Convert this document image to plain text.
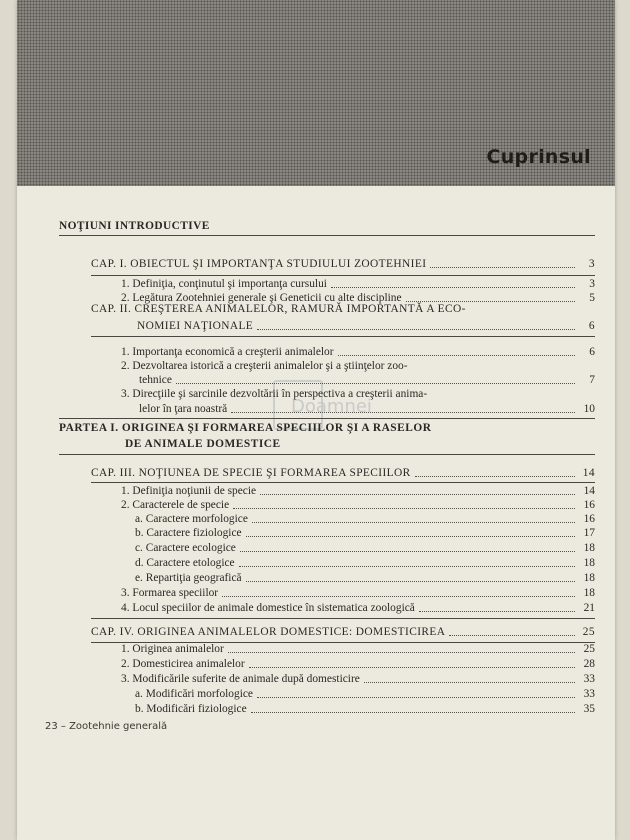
Cuprinsul
Doamnei
NOŢIUNI INTRODUCTIVE
CAP. I. OBIECTUL ŞI IMPORTANŢA STUDIULUI ZOOTEHNIEI	3
1. Definiţia, conţinutul şi importanţa cursului	3
2. Legătura Zootehniei generale şi Geneticii cu alte discipline	5
CAP. II. CREŞTEREA ANIMALELOR, RAMURĂ IMPORTANTĂ A ECO-
NOMIEI NAŢIONALE	6
1. Importanţa economică a creşterii animalelor	6
2. Dezvoltarea istorică a creşterii animalelor şi a ştiinţelor zoo-
tehnice	7
3. Direcţiile şi sarcinile dezvoltării în perspectiva a creşterii anima-
lelor în ţara noastră	10
PARTEA I. ORIGINEA ŞI FORMAREA SPECIILOR ŞI A RASELOR
DE ANIMALE DOMESTICE
CAP. III. NOŢIUNEA DE SPECIE ŞI FORMAREA SPECIILOR	14
1. Definiţia noţiunii de specie	14
2. Caracterele de specie	16
a. Caractere morfologice	16
b. Caractere fiziologice	17
c. Caractere ecologice	18
d. Caractere etologice	18
e. Repartiţia geografică	18
3. Formarea speciilor	18
4. Locul speciilor de animale domestice în sistematica zoologică	21
CAP. IV. ORIGINEA ANIMALELOR DOMESTICE: DOMESTICIREA	25
1. Originea animalelor	25
2. Domesticirea animalelor	28
3. Modificările suferite de animale după domesticire	33
a. Modificări morfologice	33
b. Modificări fiziologice	35
23 – Zootehnie generală
